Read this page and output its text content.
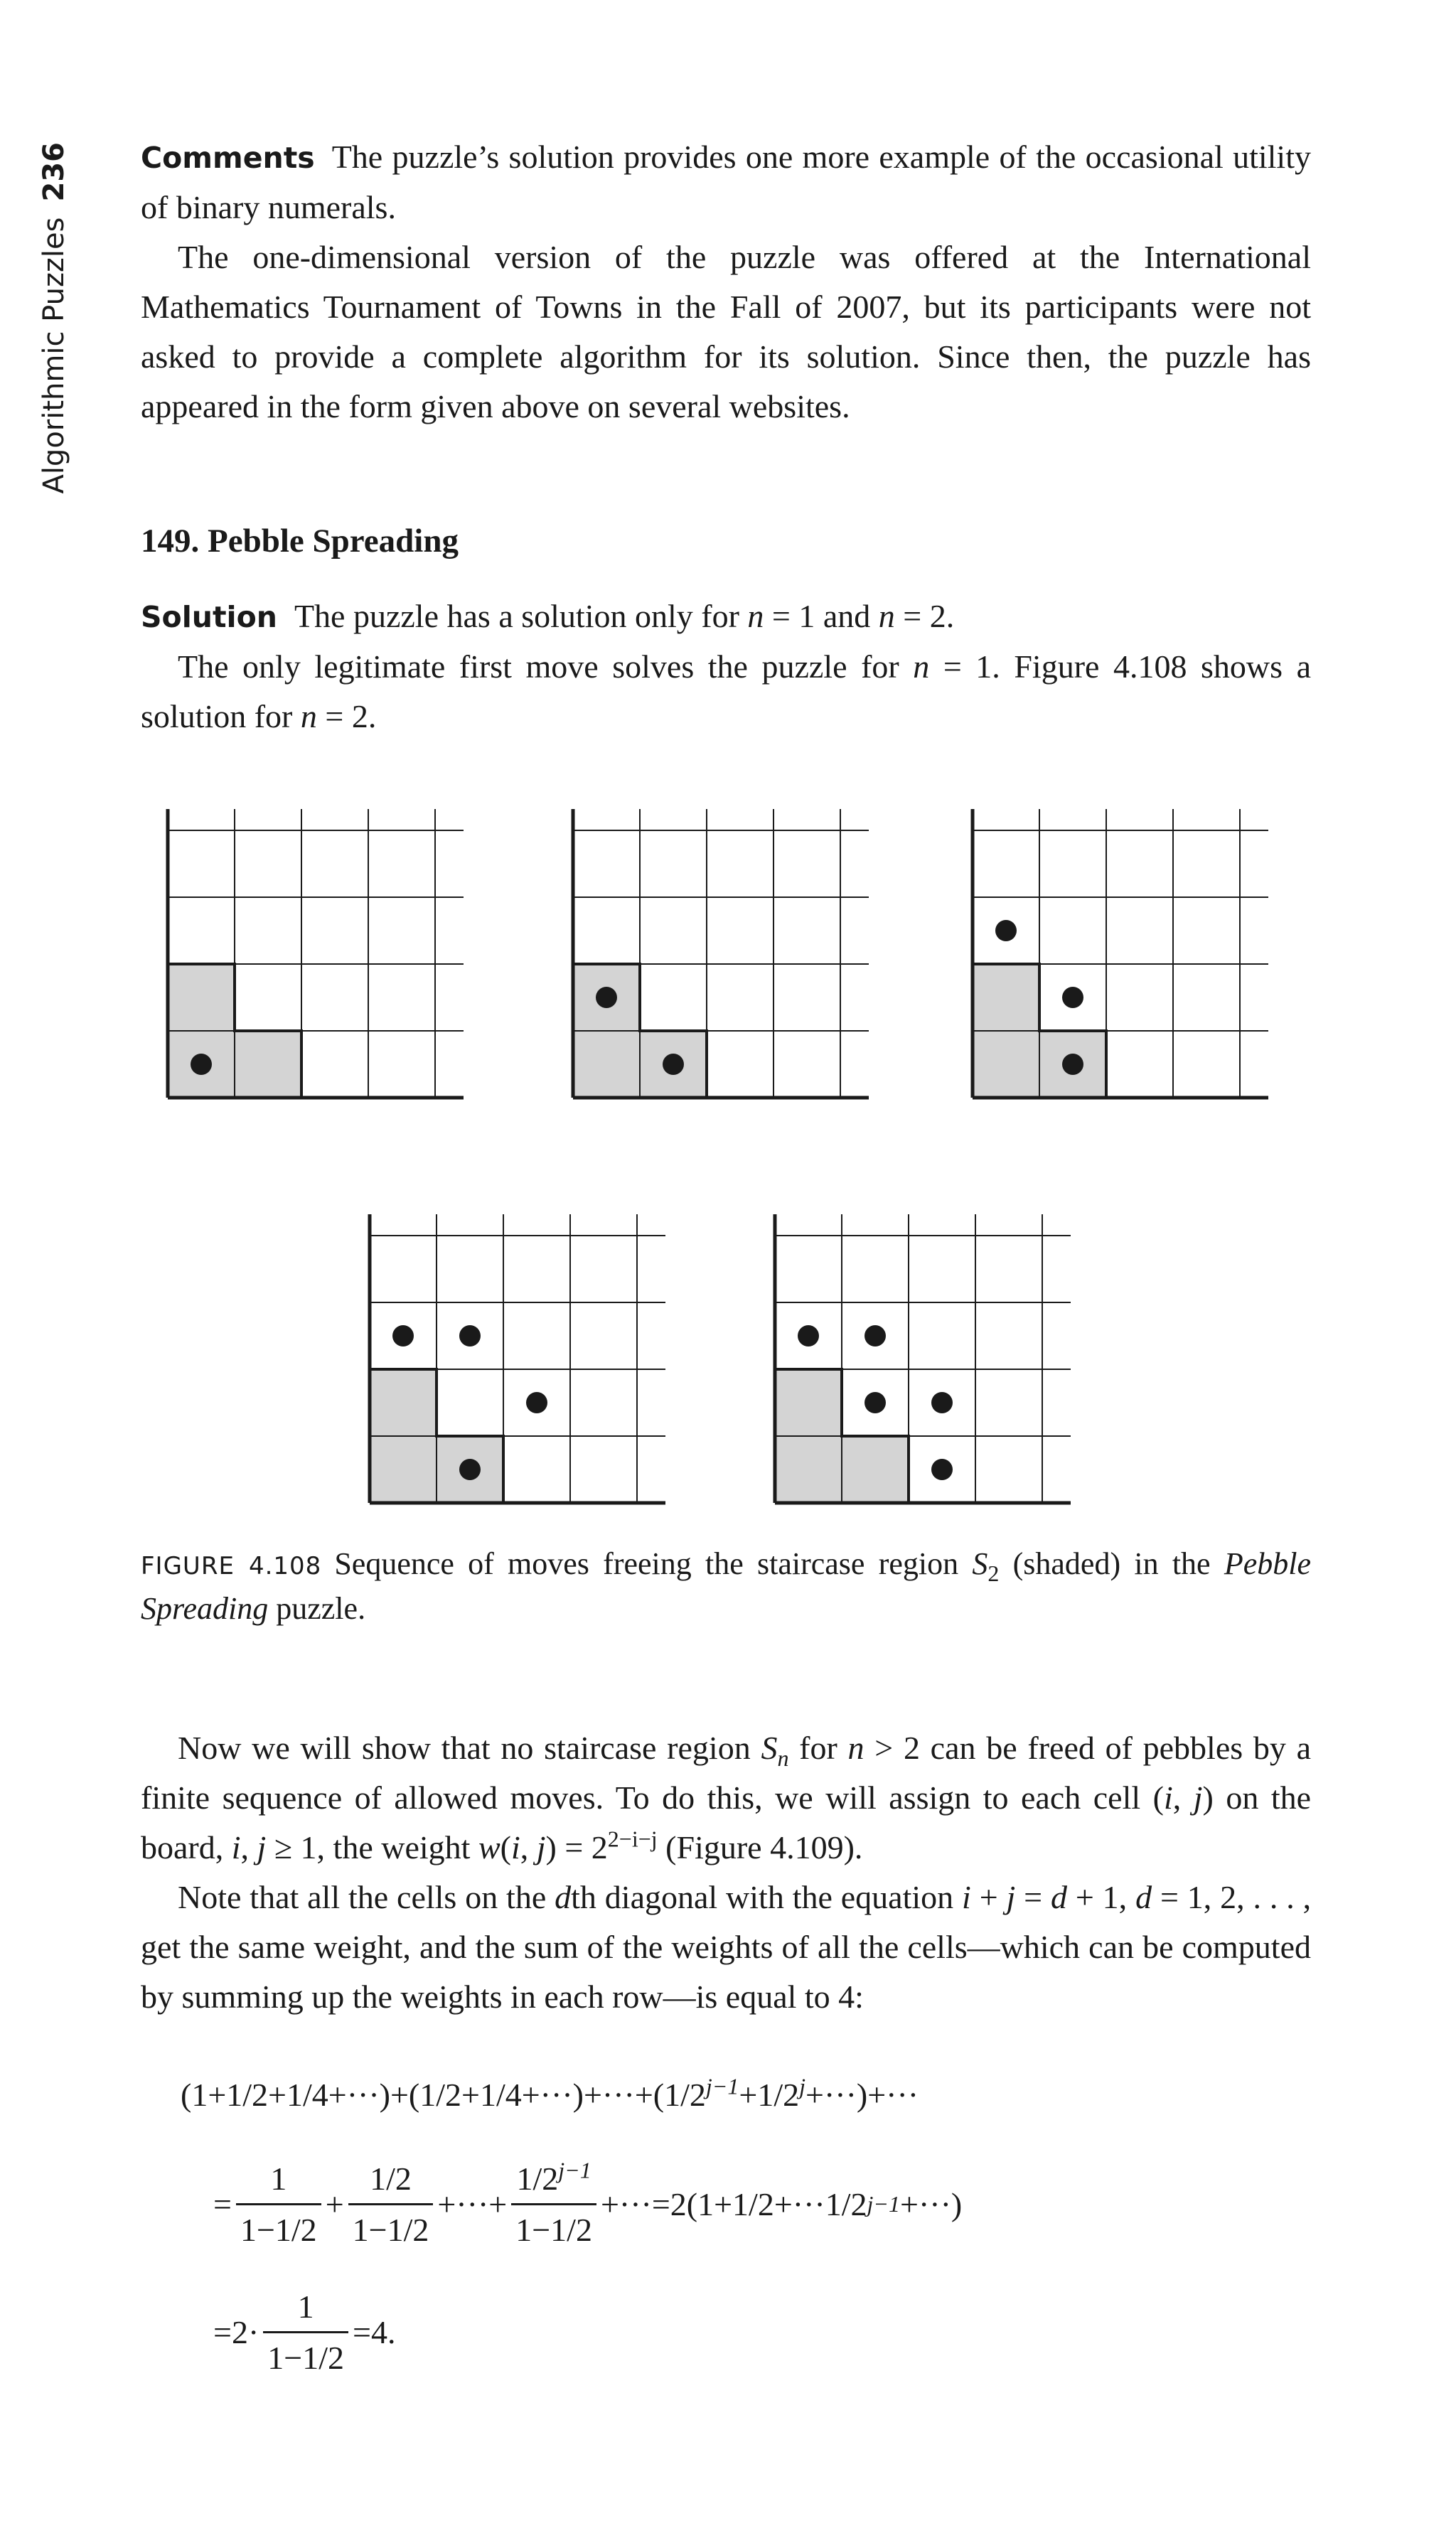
Algorithmic Puzzles
236	Comments The puzzle’s solution provides one more example of the occasional utility of binary numerals.

The one-dimensional version of the puzzle was offered at the International Mathematics Tournament of Towns in the Fall of 2007, but its participants were not asked to provide a complete algorithm for its solution. Since then, the puzzle has appeared in the form given above on several websites.

149. Pebble Spreading

Solution The puzzle has a solution only for n = 1 and n = 2.

The only legitimate first move solves the puzzle for n = 1. Figure 4.108 shows a solution for n = 2.

FIGURE 4.108 Sequence of moves freeing the staircase region $S_2$ (shaded) in the Pebble Spreading puzzle.

Now we will show that no staircase region $S_n$ for n > 2 can be freed of pebbles by a finite sequence of allowed moves. To do this, we will assign to each cell (i, j) on the board, i, j ≥ 1, the weight w(i, $j) = 2^{2-i-j}$ (Figure 4.109).

Note that all the cells on the dth diagonal with the equation i + j = d + 1, d = 1, 2, . . . , get the same weight, and the sum of the weights of all the cells—which can be computed by summing up the weights in each row—is equal to 4:

$(1+1/2+1/4+\cdot\cdot\cdot)+(1/2+1/4+\cdot\cdot\cdot)+\cdot\cdot\cdot+(1/2^{j-1}+1/2^j+\cdot\cdot\cdot)+\cdot\cdot\cdot$
= $\frac{1}{1-1/2} + \frac{1/2}{1-1/2}$ +···+ $\frac{1/2^{j-1}}{1-1/2} +\cdot\cdot\cdot=2(1+1/2+\cdot\cdot\cdot 1/2$ j−1 +···)
$=2\cdot \frac{1}{1-1/2} =4$.
